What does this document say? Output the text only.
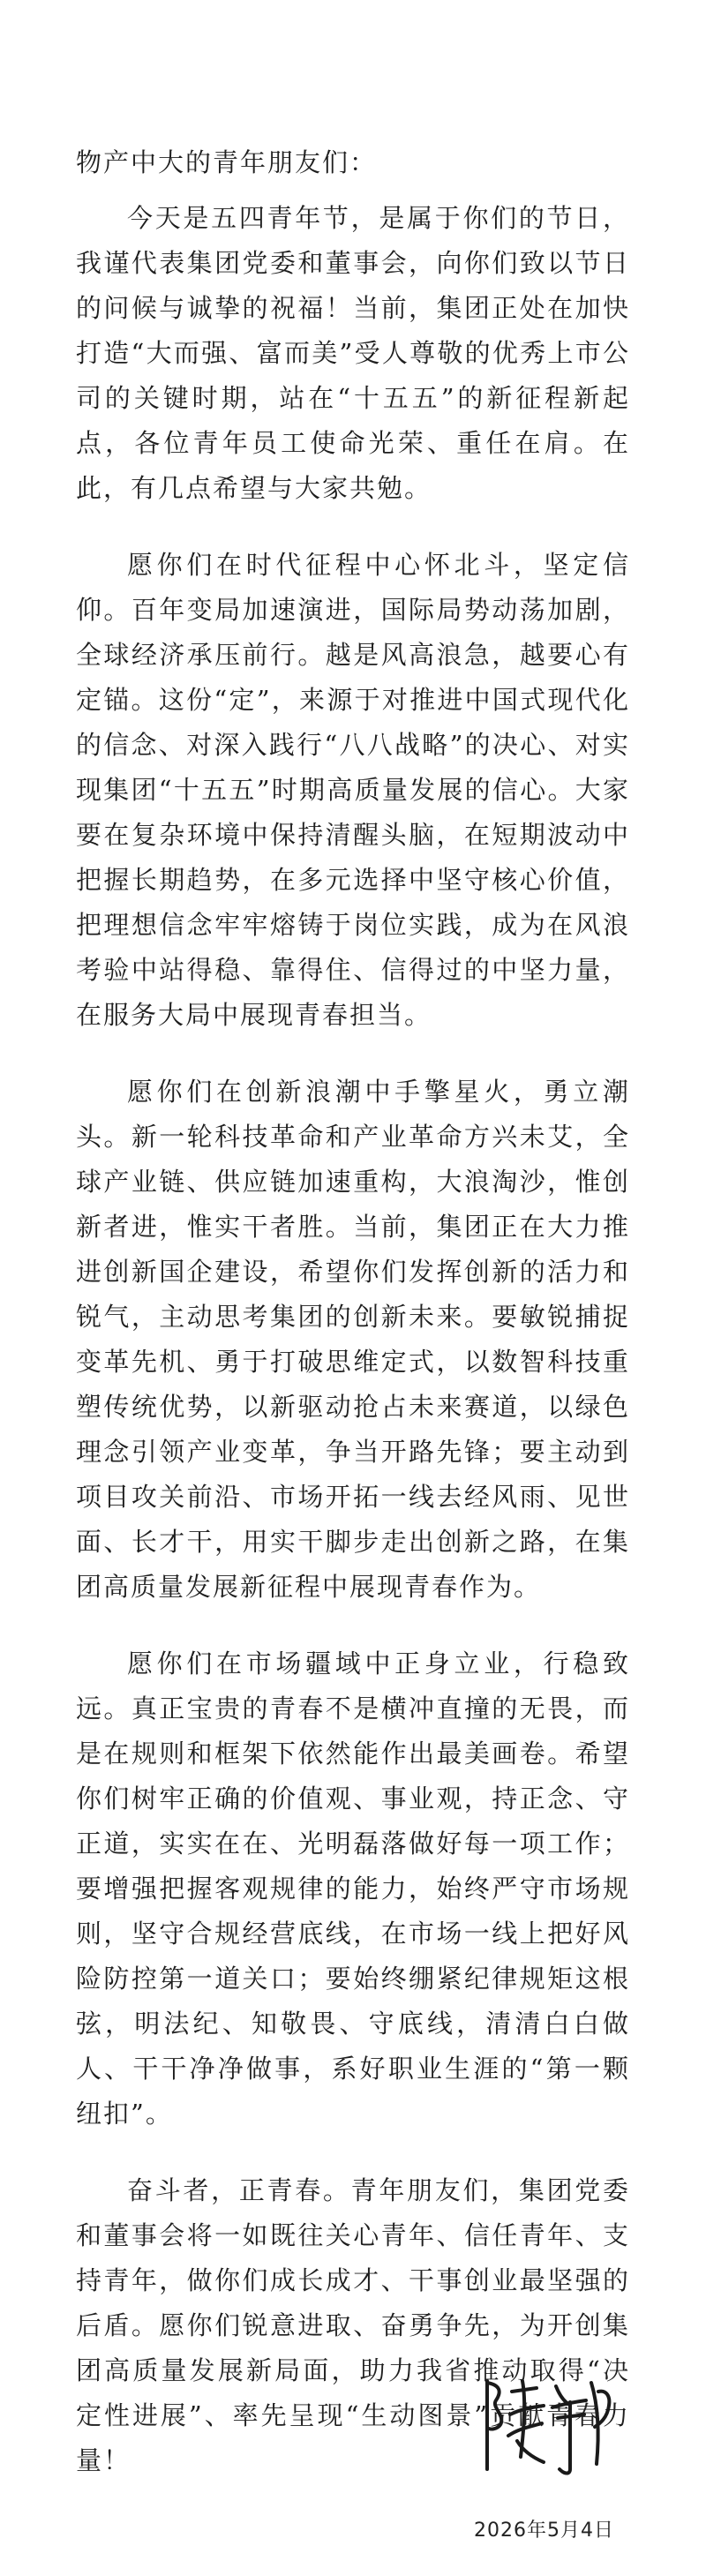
物产中大的青年朋友们：

今天是五四青年节，是属于你们的节日，我谨代表集团党委和董事会，向你们致以节日的问候与诚挚的祝福！当前，集团正处在加快打造“大而强、富而美”受人尊敬的优秀上市公司的关键时期，站在“十五五”的新征程新起点，各位青年员工使命光荣、重任在肩。在此，有几点希望与大家共勉。

愿你们在时代征程中心怀北斗，坚定信仰。百年变局加速演进，国际局势动荡加剧，全球经济承压前行。越是风高浪急，越要心有定锚。这份“定”，来源于对推进中国式现代化的信念、对深入践行“八八战略”的决心、对实现集团“十五五”时期高质量发展的信心。大家要在复杂环境中保持清醒头脑，在短期波动中把握长期趋势，在多元选择中坚守核心价值，把理想信念牢牢熔铸于岗位实践，成为在风浪考验中站得稳、靠得住、信得过的中坚力量，在服务大局中展现青春担当。

愿你们在创新浪潮中手擎星火，勇立潮头。新一轮科技革命和产业革命方兴未艾，全球产业链、供应链加速重构，大浪淘沙，惟创新者进，惟实干者胜。当前，集团正在大力推进创新国企建设，希望你们发挥创新的活力和锐气，主动思考集团的创新未来。要敏锐捕捉变革先机、勇于打破思维定式，以数智科技重塑传统优势，以新驱动抢占未来赛道，以绿色理念引领产业变革，争当开路先锋；要主动到项目攻关前沿、市场开拓一线去经风雨、见世面、长才干，用实干脚步走出创新之路，在集团高质量发展新征程中展现青春作为。

愿你们在市场疆域中正身立业，行稳致远。真正宝贵的青春不是横冲直撞的无畏，而是在规则和框架下依然能作出最美画卷。希望你们树牢正确的价值观、事业观，持正念、守正道，实实在在、光明磊落做好每一项工作；要增强把握客观规律的能力，始终严守市场规则，坚守合规经营底线，在市场一线上把好风险防控第一道关口；要始终绷紧纪律规矩这根弦，明法纪、知敬畏、守底线，清清白白做人、干干净净做事，系好职业生涯的“第一颗纽扣”。

奋斗者，正青春。青年朋友们，集团党委和董事会将一如既往关心青年、信任青年、支持青年，做你们成长成才、干事创业最坚强的后盾。愿你们锐意进取、奋勇争先，为开创集团高质量发展新局面，助力我省推动取得“决定性进展”、率先呈现“生动图景”贡献青春力量！

2026年5月4日
